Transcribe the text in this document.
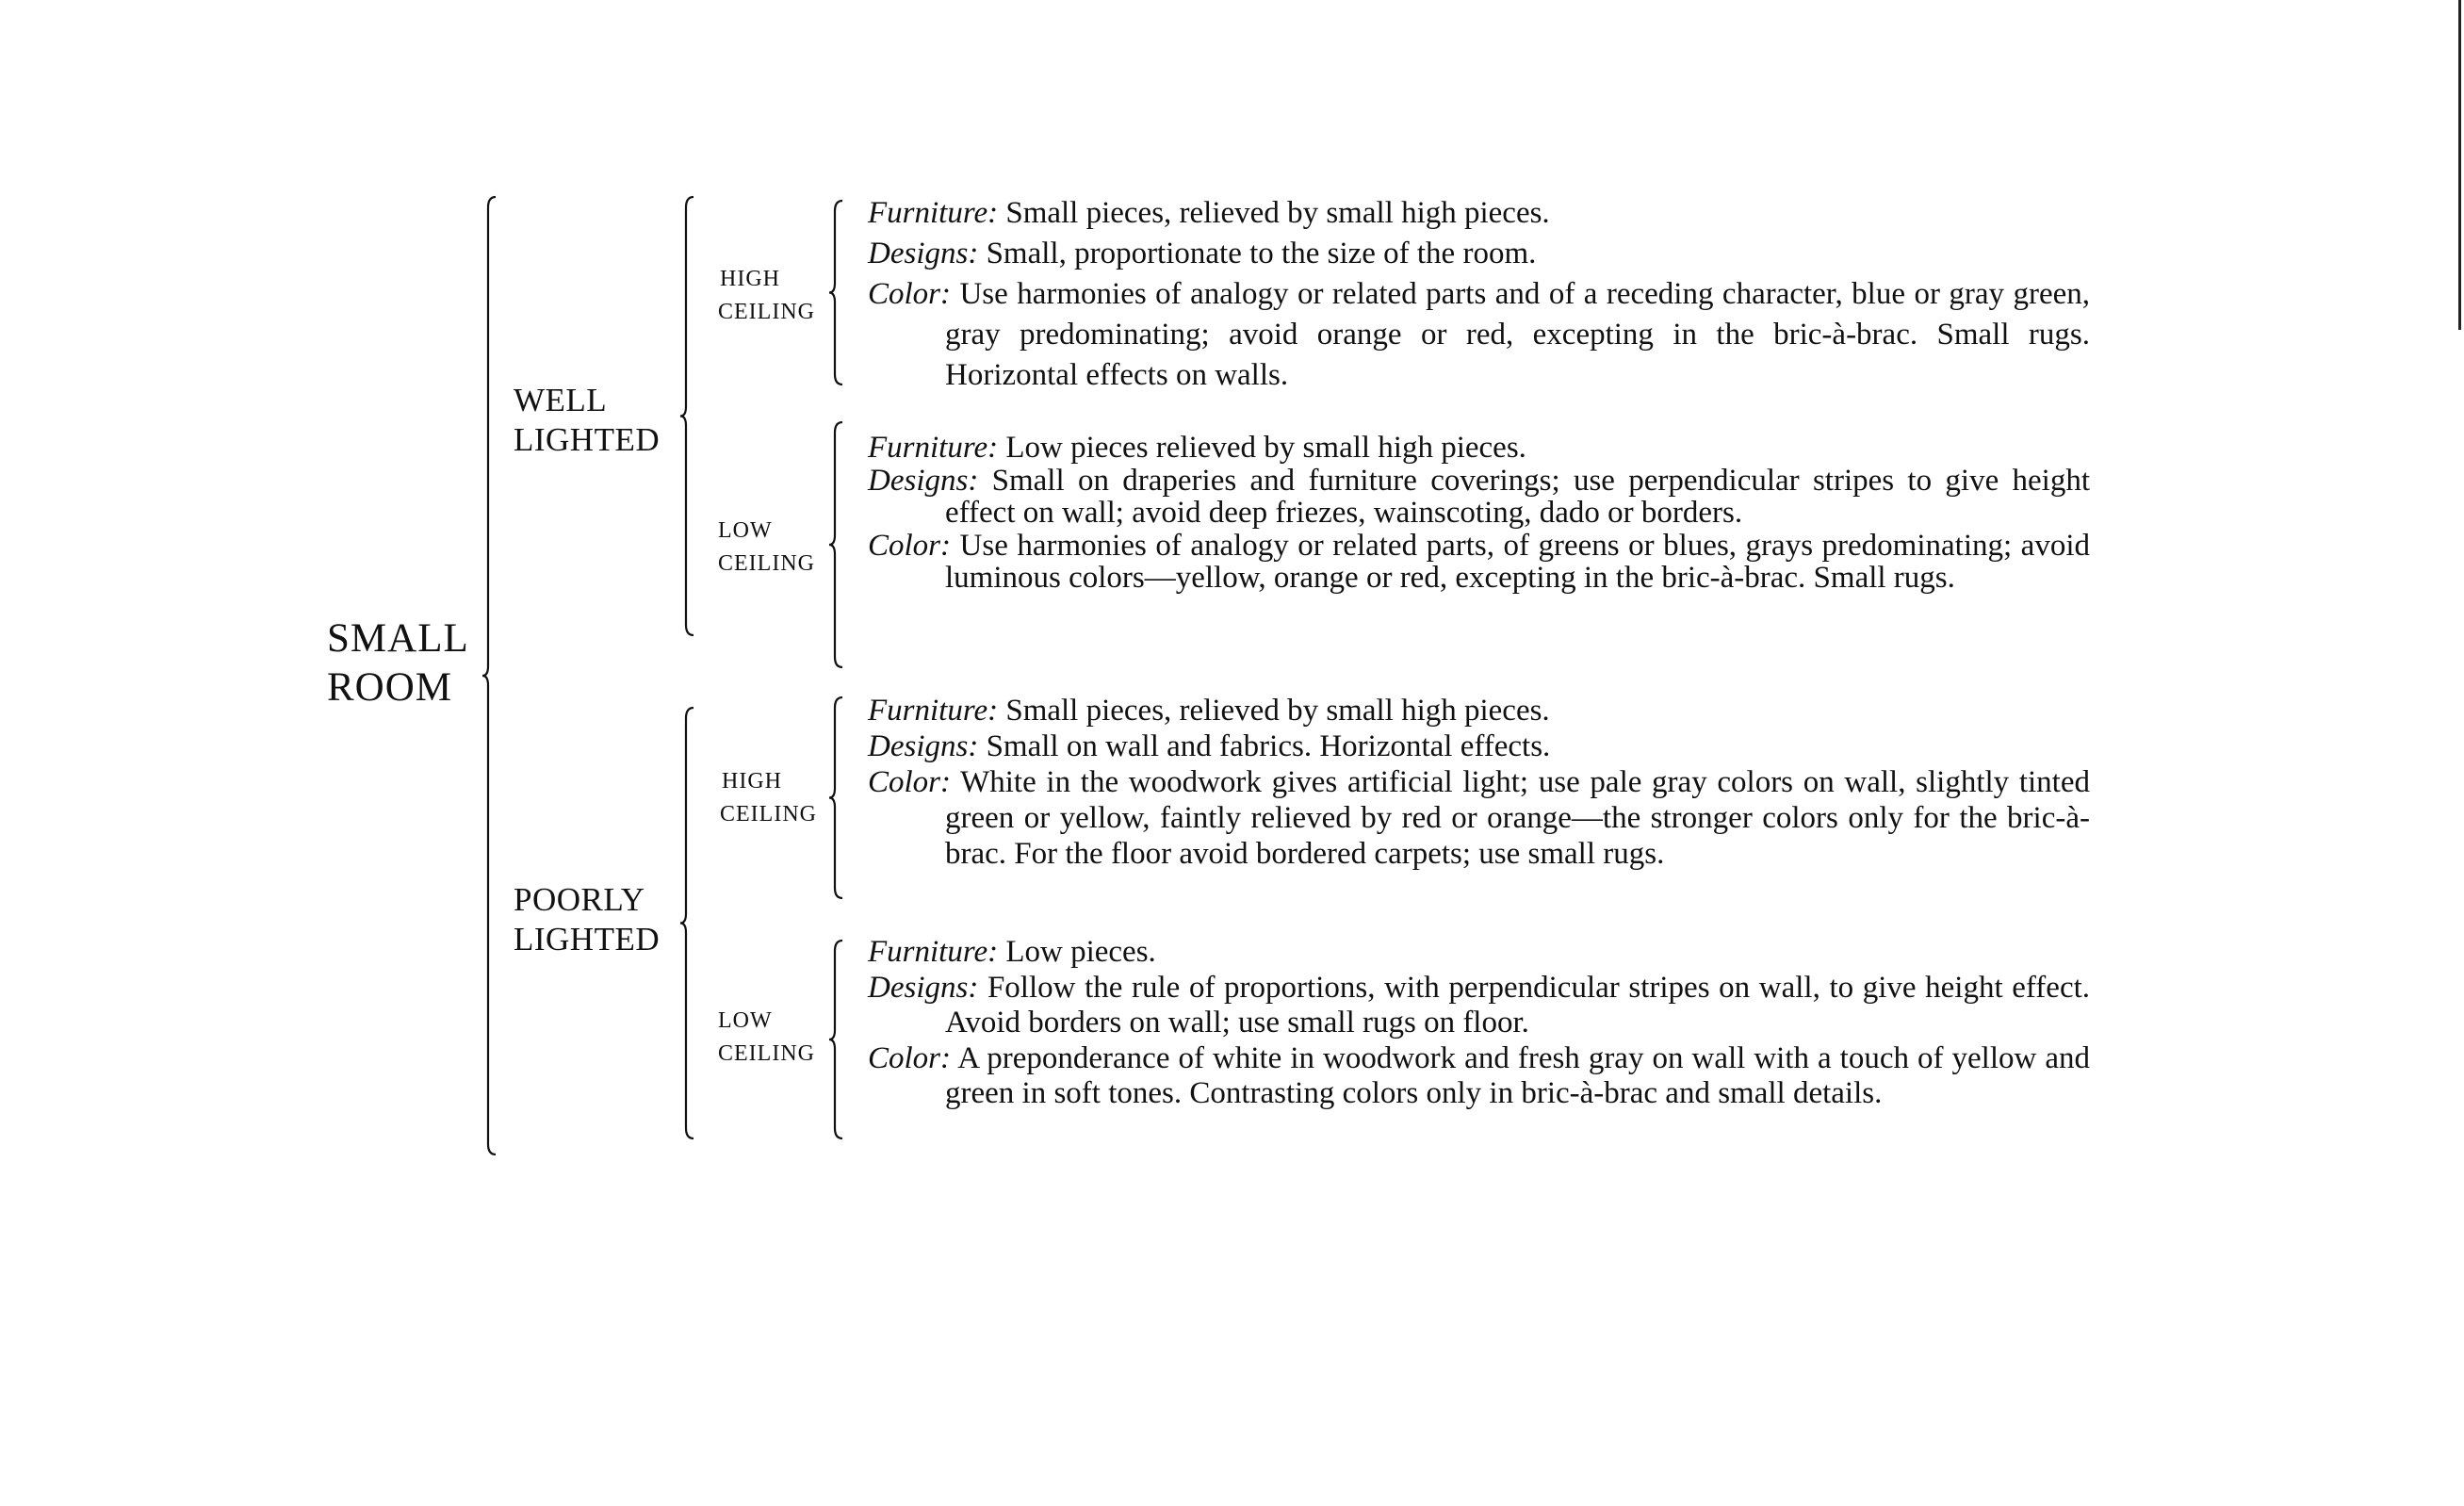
SMALL
ROOM
WELL
LIGHTED
POORLY
LIGHTED
HIGH
CEILING
LOW
CEILING
HIGH
CEILING
LOW
CEILING

Furniture: Small pieces, relieved by small high pieces.

Designs: Small, proportionate to the size of the room.

Color: Use harmonies of analogy or related parts and of a receding character, blue or gray green, gray predominating; avoid orange or red, excepting in the bric-à-brac. Small rugs. Horizontal effects on walls.

Furniture: Low pieces relieved by small high pieces.

Designs: Small on draperies and furniture coverings; use perpendicular stripes to give height effect on wall; avoid deep friezes, wainscoting, dado or borders.

Color: Use harmonies of analogy or related parts, of greens or blues, grays predominating; avoid luminous colors—yellow, orange or red, excepting in the bric-à-brac. Small rugs.

Furniture: Small pieces, relieved by small high pieces.

Designs: Small on wall and fabrics. Horizontal effects.

Color: White in the woodwork gives artificial light; use pale gray colors on wall, slightly tinted green or yellow, faintly relieved by red or orange—the stronger colors only for the bric-à-brac. For the floor avoid bordered carpets; use small rugs.

Furniture: Low pieces.

Designs: Follow the rule of proportions, with perpendicular stripes on wall, to give height effect. Avoid borders on wall; use small rugs on floor.

Color: A preponderance of white in woodwork and fresh gray on wall with a touch of yellow and green in soft tones. Contrasting colors only in bric-à-brac and small details.
